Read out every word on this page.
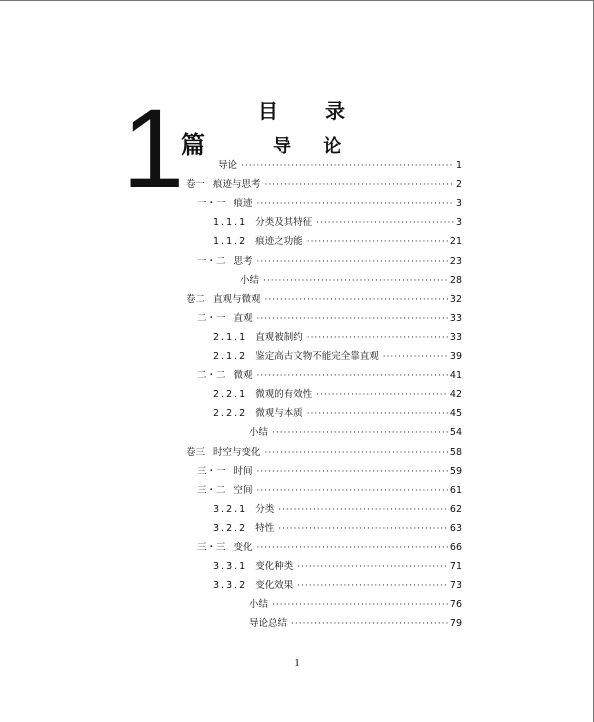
目 录
1
篇	导 论
导论 ·····	1
卷一 痕迹与思考 ·····	2
一・一 痕迹 ·····	3
1.1.1 分类及其特征 ·····	3
1.1.2 痕迹之功能 ·····	21
一・二 思考 ·····	23
小结 ·····	28
卷二 直观与微观 ·····	32
二・一 直观 ·····	33
2.1.1 直观被制约 ·····	33
2.1.2 鉴定高古文物不能完全靠直观 ·····	39
二・二 微观 ·····	41
2.2.1 微观的有效性 ·····	42
2.2.2 微观与本质 ·····	45
小结 ·····	54
卷三 时空与变化 ·····	58
三・一 时间 ·····	59
三・二 空间 ·····	61
3.2.1 分类 ·····	62
3.2.2 特性 ·····	63
三・三 变化 ·····	66
3.3.1 变化种类 ·····	71
3.3.2 变化效果 ·····	73
小结 ·····	76
导论总结 ·····	79
1
